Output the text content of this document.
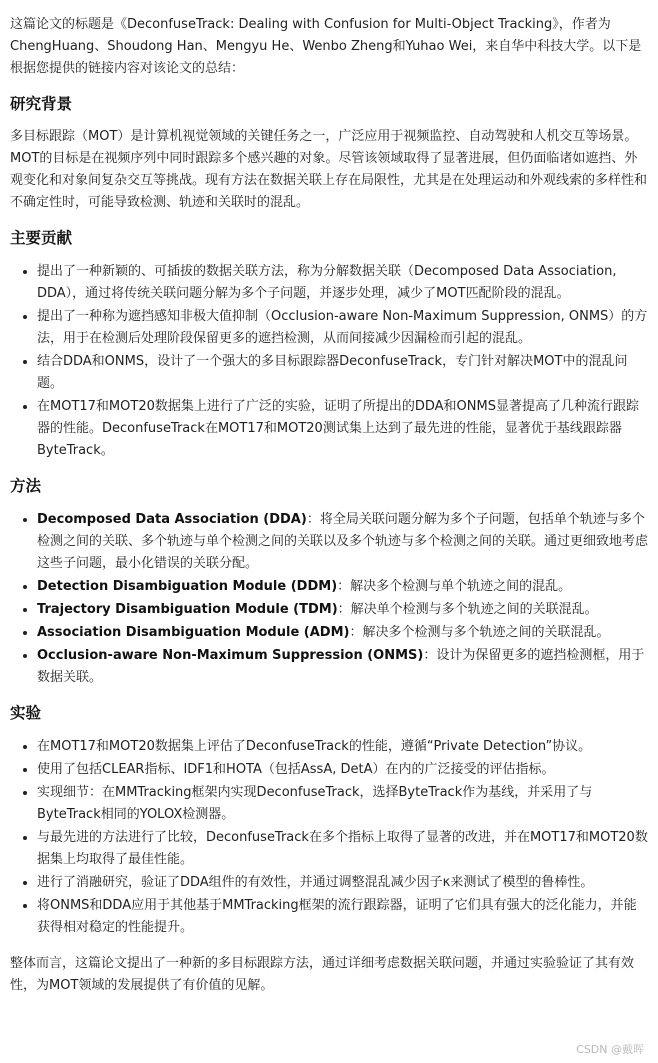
这篇论文的标题是《DeconfuseTrack: Dealing with Confusion for Multi-Object Tracking》，作者为ChengHuang、Shoudong Han、Mengyu He、Wenbo Zheng和Yuhao Wei，来自华中科技大学。以下是根据您提供的链接内容对该论文的总结：

研究背景

多目标跟踪（MOT）是计算机视觉领域的关键任务之一，广泛应用于视频监控、自动驾驶和人机交互等场景。MOT的目标是在视频序列中同时跟踪多个感兴趣的对象。尽管该领域取得了显著进展，但仍面临诸如遮挡、外观变化和对象间复杂交互等挑战。现有方法在数据关联上存在局限性，尤其是在处理运动和外观线索的多样性和不确定性时，可能导致检测、轨迹和关联时的混乱。

主要贡献
• 提出了一种新颖的、可插拔的数据关联方法，称为分解数据关联（Decomposed Data Association, DDA），通过将传统关联问题分解为多个子问题，并逐步处理，减少了MOT匹配阶段的混乱。
• 提出了一种称为遮挡感知非极大值抑制（Occlusion-aware Non-Maximum Suppression, ONMS）的方法，用于在检测后处理阶段保留更多的遮挡检测，从而间接减少因漏检而引起的混乱。
• 结合DDA和ONMS，设计了一个强大的多目标跟踪器DeconfuseTrack，专门针对解决MOT中的混乱问题。
• 在MOT17和MOT20数据集上进行了广泛的实验，证明了所提出的DDA和ONMS显著提高了几种流行跟踪器的性能。DeconfuseTrack在MOT17和MOT20测试集上达到了最先进的性能，显著优于基线跟踪器ByteTrack。
方法
• Decomposed Data Association (DDA)：将全局关联问题分解为多个子问题，包括单个轨迹与多个检测之间的关联、多个轨迹与单个检测之间的关联以及多个轨迹与多个检测之间的关联。通过更细致地考虑这些子问题，最小化错误的关联分配。
• Detection Disambiguation Module (DDM)：解决多个检测与单个轨迹之间的混乱。
• Trajectory Disambiguation Module (TDM)：解决单个检测与多个轨迹之间的关联混乱。
• Association Disambiguation Module (ADM)：解决多个检测与多个轨迹之间的关联混乱。
• Occlusion-aware Non-Maximum Suppression (ONMS)：设计为保留更多的遮挡检测框，用于数据关联。
实验
• 在MOT17和MOT20数据集上评估了DeconfuseTrack的性能，遵循“Private Detection”协议。
• 使用了包括CLEAR指标、IDF1和HOTA（包括AssA, DetA）在内的广泛接受的评估指标。
• 实现细节：在MMTracking框架内实现DeconfuseTrack，选择ByteTrack作为基线，并采用了与ByteTrack相同的YOLOX检测器。
• 与最先进的方法进行了比较，DeconfuseTrack在多个指标上取得了显著的改进，并在MOT17和MOT20数据集上均取得了最佳性能。
• 进行了消融研究，验证了DDA组件的有效性，并通过调整混乱减少因子κ来测试了模型的鲁棒性。
• 将ONMS和DDA应用于其他基于MMTracking框架的流行跟踪器，证明了它们具有强大的泛化能力，并能获得相对稳定的性能提升。

整体而言，这篇论文提出了一种新的多目标跟踪方法，通过详细考虑数据关联问题，并通过实验验证了其有效性，为MOT领域的发展提供了有价值的见解。

CSDN @戴晖
